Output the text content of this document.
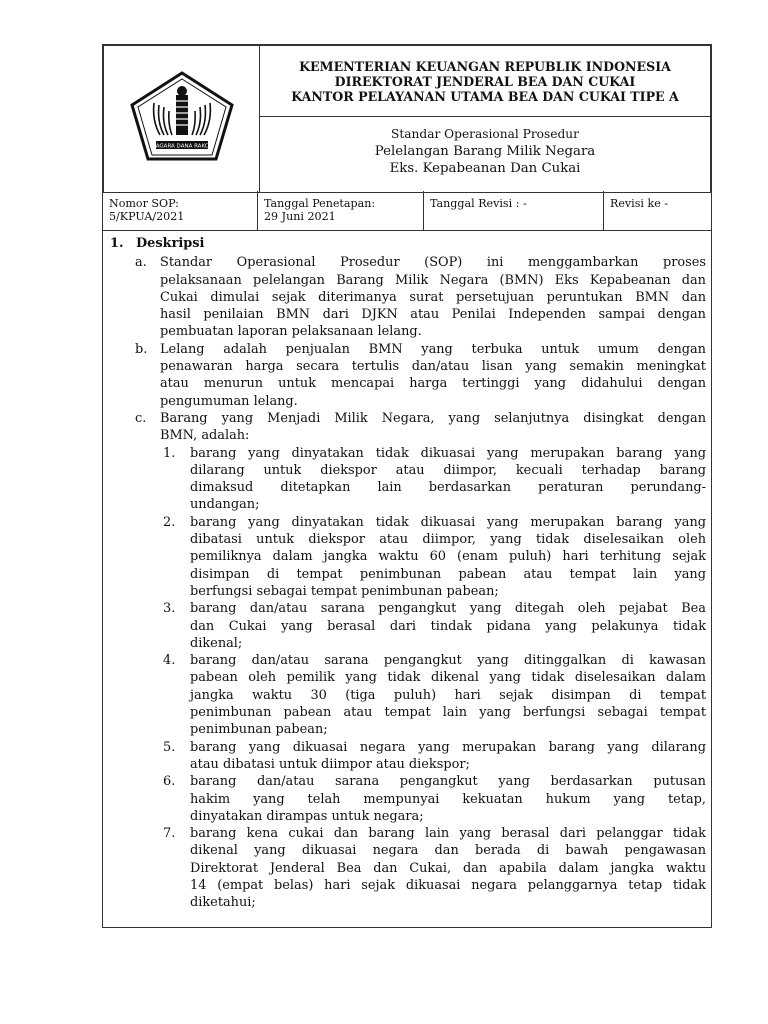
NAGARA DANA RAKCA

KEMENTERIAN KEUANGAN REPUBLIK INDONESIA
DIREKTORAT JENDERAL BEA DAN CUKAI
KANTOR PELAYANAN UTAMA BEA DAN CUKAI TIPE A

Standar Operasional Prosedur
Pelelangan Barang Milik Negara
Eks. Kepabeanan Dan Cukai
Nomor SOP:
5/KPUA/2021
Tanggal Penetapan:
29 Juni 2021
Tanggal Revisi : -	Revisi ke -
1. Deskripsi
a. Standar Operasional Prosedur (SOP) ini menggambarkan proses
pelaksanaan pelelangan Barang Milik Negara (BMN) Eks Kepabeanan dan
Cukai dimulai sejak diterimanya surat persetujuan peruntukan BMN dan
hasil penilaian BMN dari DJKN atau Penilai Independen sampai dengan
pembuatan laporan pelaksanaan lelang.
b. Lelang adalah penjualan BMN yang terbuka untuk umum dengan
penawaran harga secara tertulis dan/atau lisan yang semakin meningkat
atau menurun untuk mencapai harga tertinggi yang didahului dengan
pengumuman lelang.
c. Barang yang Menjadi Milik Negara, yang selanjutnya disingkat dengan
BMN, adalah:
1. barang yang dinyatakan tidak dikuasai yang merupakan barang yang
dilarang untuk diekspor atau diimpor, kecuali terhadap barang
dimaksud ditetapkan lain berdasarkan peraturan perundang-
undangan;
2. barang yang dinyatakan tidak dikuasai yang merupakan barang yang
dibatasi untuk diekspor atau diimpor, yang tidak diselesaikan oleh
pemiliknya dalam jangka waktu 60 (enam puluh) hari terhitung sejak
disimpan di tempat penimbunan pabean atau tempat lain yang
berfungsi sebagai tempat penimbunan pabean;
3. barang dan/atau sarana pengangkut yang ditegah oleh pejabat Bea
dan Cukai yang berasal dari tindak pidana yang pelakunya tidak
dikenal;
4. barang dan/atau sarana pengangkut yang ditinggalkan di kawasan
pabean oleh pemilik yang tidak dikenal yang tidak diselesaikan dalam
jangka waktu 30 (tiga puluh) hari sejak disimpan di tempat
penimbunan pabean atau tempat lain yang berfungsi sebagai tempat
penimbunan pabean;
5. barang yang dikuasai negara yang merupakan barang yang dilarang
atau dibatasi untuk diimpor atau diekspor;
6. barang dan/atau sarana pengangkut yang berdasarkan putusan
hakim yang telah mempunyai kekuatan hukum yang tetap,
dinyatakan dirampas untuk negara;
7. barang kena cukai dan barang lain yang berasal dari pelanggar tidak
dikenal yang dikuasai negara dan berada di bawah pengawasan
Direktorat Jenderal Bea dan Cukai, dan apabila dalam jangka waktu
14 (empat belas) hari sejak dikuasai negara pelanggarnya tetap tidak
diketahui;
